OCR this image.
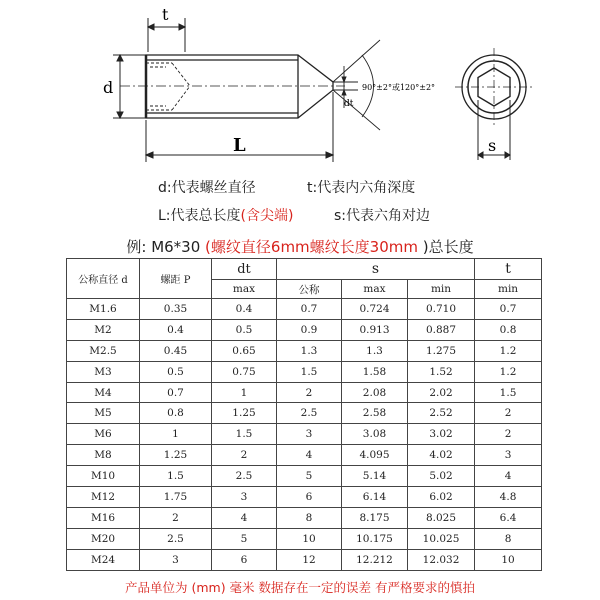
t
d
dt
90°±2°或120°±2°
L	s
d:代表螺丝直径	t:代表内六角深度
L:代表总长度(含尖端)	s:代表六角对边
例: M6*30 (螺纹直径6mm螺纹长度30mm )总长度
公称直径 d	螺距 P	dt	s			t
		max	公称	max	min	min
M1.6	0.35	0.4	0.7	0.724	0.710	0.7
M2	0.4	0.5	0.9	0.913	0.887	0.8
M2.5	0.45	0.65	1.3	1.3	1.275	1.2
M3	0.5	0.75	1.5	1.58	1.52	1.2
M4	0.7	1	2	2.08	2.02	1.5
M5	0.8	1.25	2.5	2.58	2.52	2
M6	1	1.5	3	3.08	3.02	2
M8	1.25	2	4	4.095	4.02	3
M10	1.5	2.5	5	5.14	5.02	4
M12	1.75	3	6	6.14	6.02	4.8
M16	2	4	8	8.175	8.025	6.4
M20	2.5	5	10	10.175	10.025	8
M24	3	6	12	12.212	12.032	10
产品单位为 (mm) 毫米 数据存在一定的误差 有严格要求的慎拍
